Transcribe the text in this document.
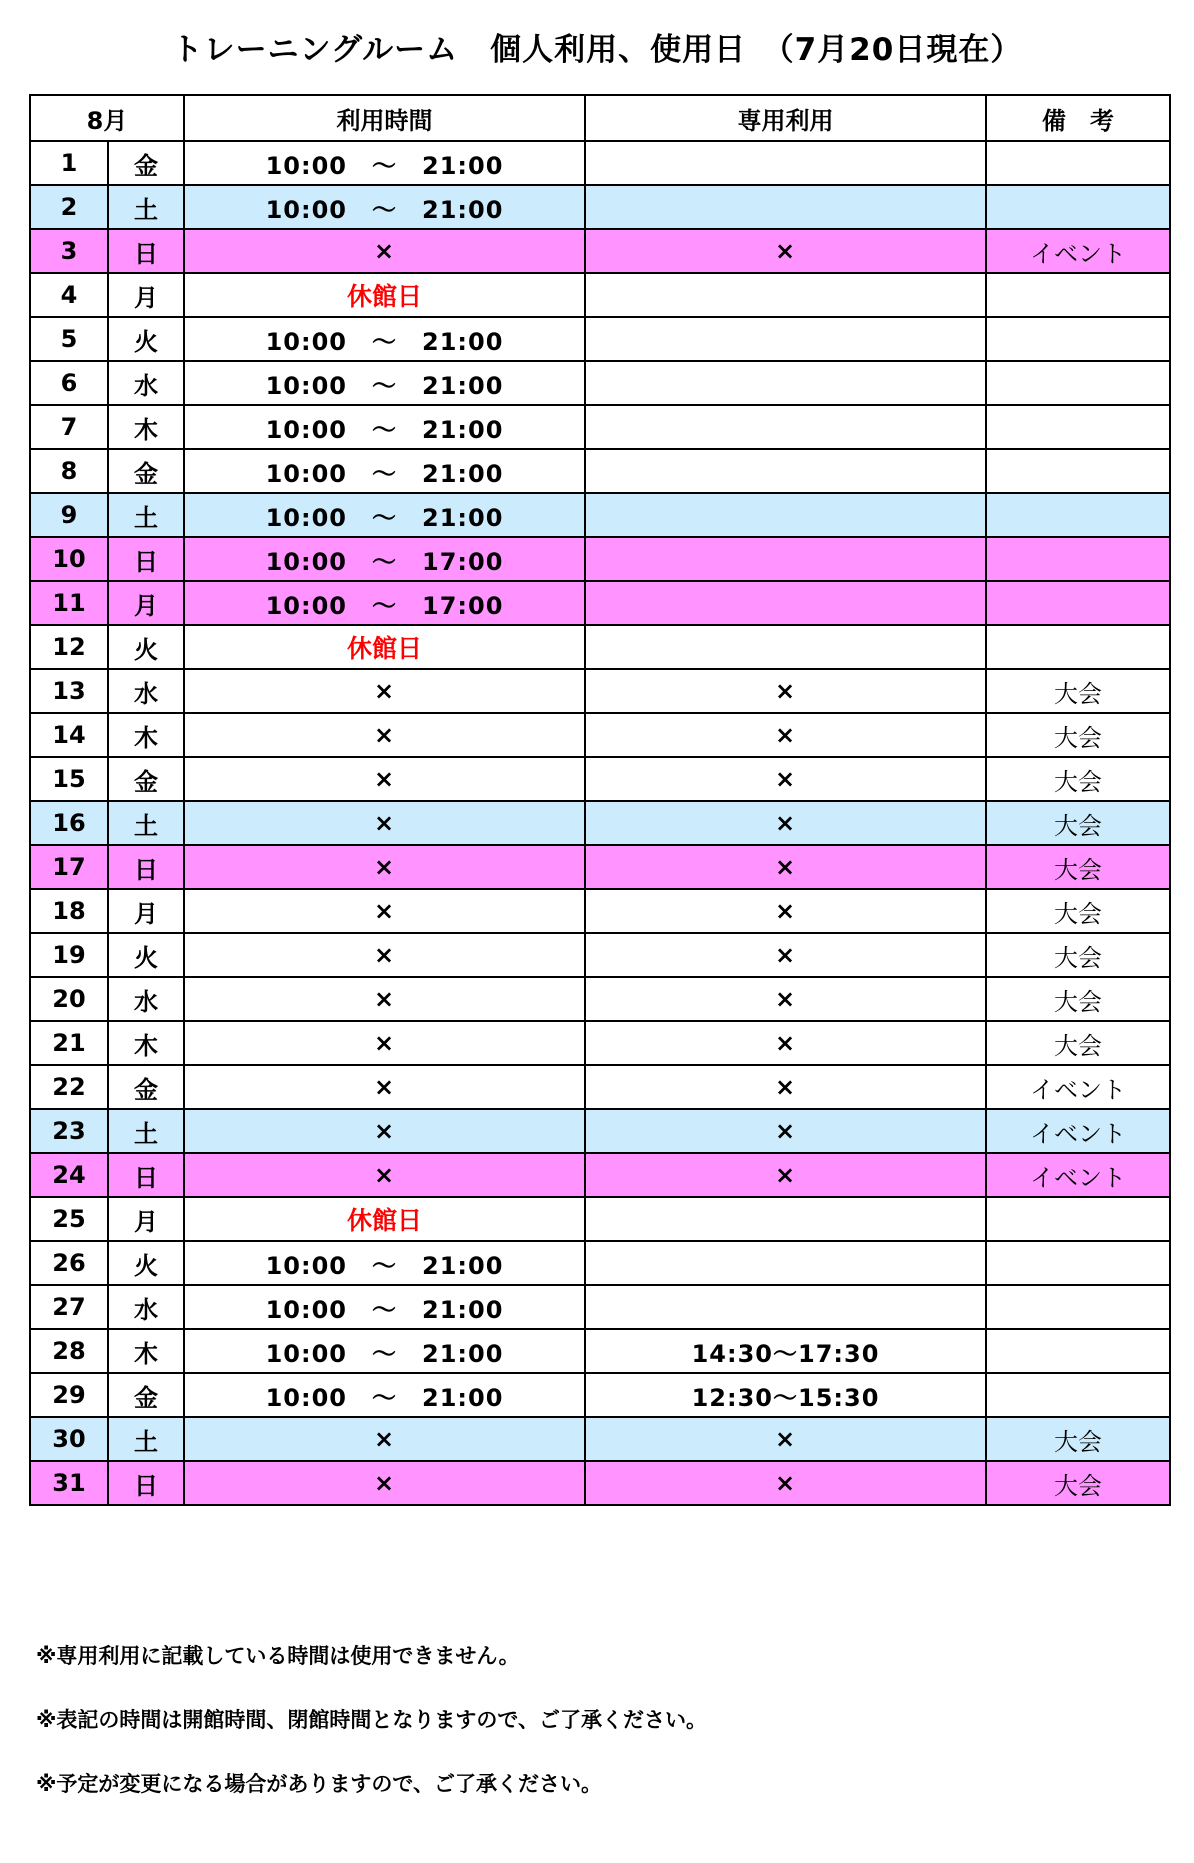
トレーニングルーム　個人利用、使用日　（7月20日現在）
8月		利用時間	専用利用	備　考
1	金	10:00　～　21:00		
2	土	10:00　～　21:00		
3	日	×	×	イベント
4	月	休館日		
5	火	10:00　～　21:00		
6	水	10:00　～　21:00		
7	木	10:00　～　21:00		
8	金	10:00　～　21:00		
9	土	10:00　～　21:00		
10	日	10:00　～　17:00		
11	月	10:00　～　17:00		
12	火	休館日		
13	水	×	×	大会
14	木	×	×	大会
15	金	×	×	大会
16	土	×	×	大会
17	日	×	×	大会
18	月	×	×	大会
19	火	×	×	大会
20	水	×	×	大会
21	木	×	×	大会
22	金	×	×	イベント
23	土	×	×	イベント
24	日	×	×	イベント
25	月	休館日		
26	火	10:00　～　21:00		
27	水	10:00　～　21:00		
28	木	10:00　～　21:00	14:30～17:30	
29	金	10:00　～　21:00	12:30～15:30	
30	土	×	×	大会
31	日	×	×	大会
※専用利用に記載している時間は使用できません。
※表記の時間は開館時間、閉館時間となりますので、ご了承ください。
※予定が変更になる場合がありますので、ご了承ください。
